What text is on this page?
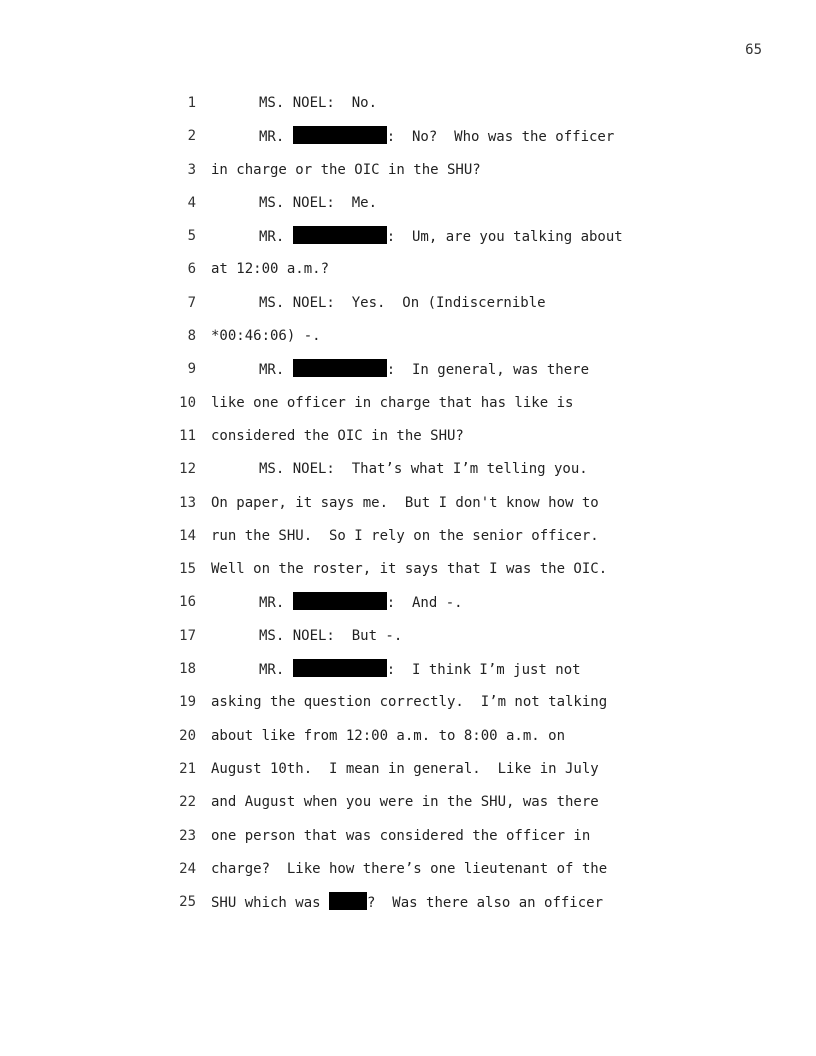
65
1	MS. NOEL:  No.
2	MR.	:  No?  Who was the officer
3 in charge or the OIC in the SHU?
4	MS. NOEL:  Me.
5	MR.	:  Um, are you talking about
6 at 12:00 a.m.?
7	MS. NOEL:  Yes.  On (Indiscernible
8 *00:46:06) -.
9	MR.	:  In general, was there
10 like one officer in charge that has like is
11 considered the OIC in the SHU?
12	MS. NOEL:  That’s what I’m telling you.
13 On paper, it says me.  But I don't know how to
14 run the SHU.  So I rely on the senior officer.
15 Well on the roster, it says that I was the OIC.
16	MR.	:  And -.
17	MS. NOEL:  But -.
18	MR.	:  I think I’m just not
19 asking the question correctly.  I’m not talking
20 about like from 12:00 a.m. to 8:00 a.m. on
21 August 10th.  I mean in general.  Like in July
22 and August when you were in the SHU, was there
23 one person that was considered the officer in
24 charge?  Like how there’s one lieutenant of the
25 SHU which was	?  Was there also an officer
